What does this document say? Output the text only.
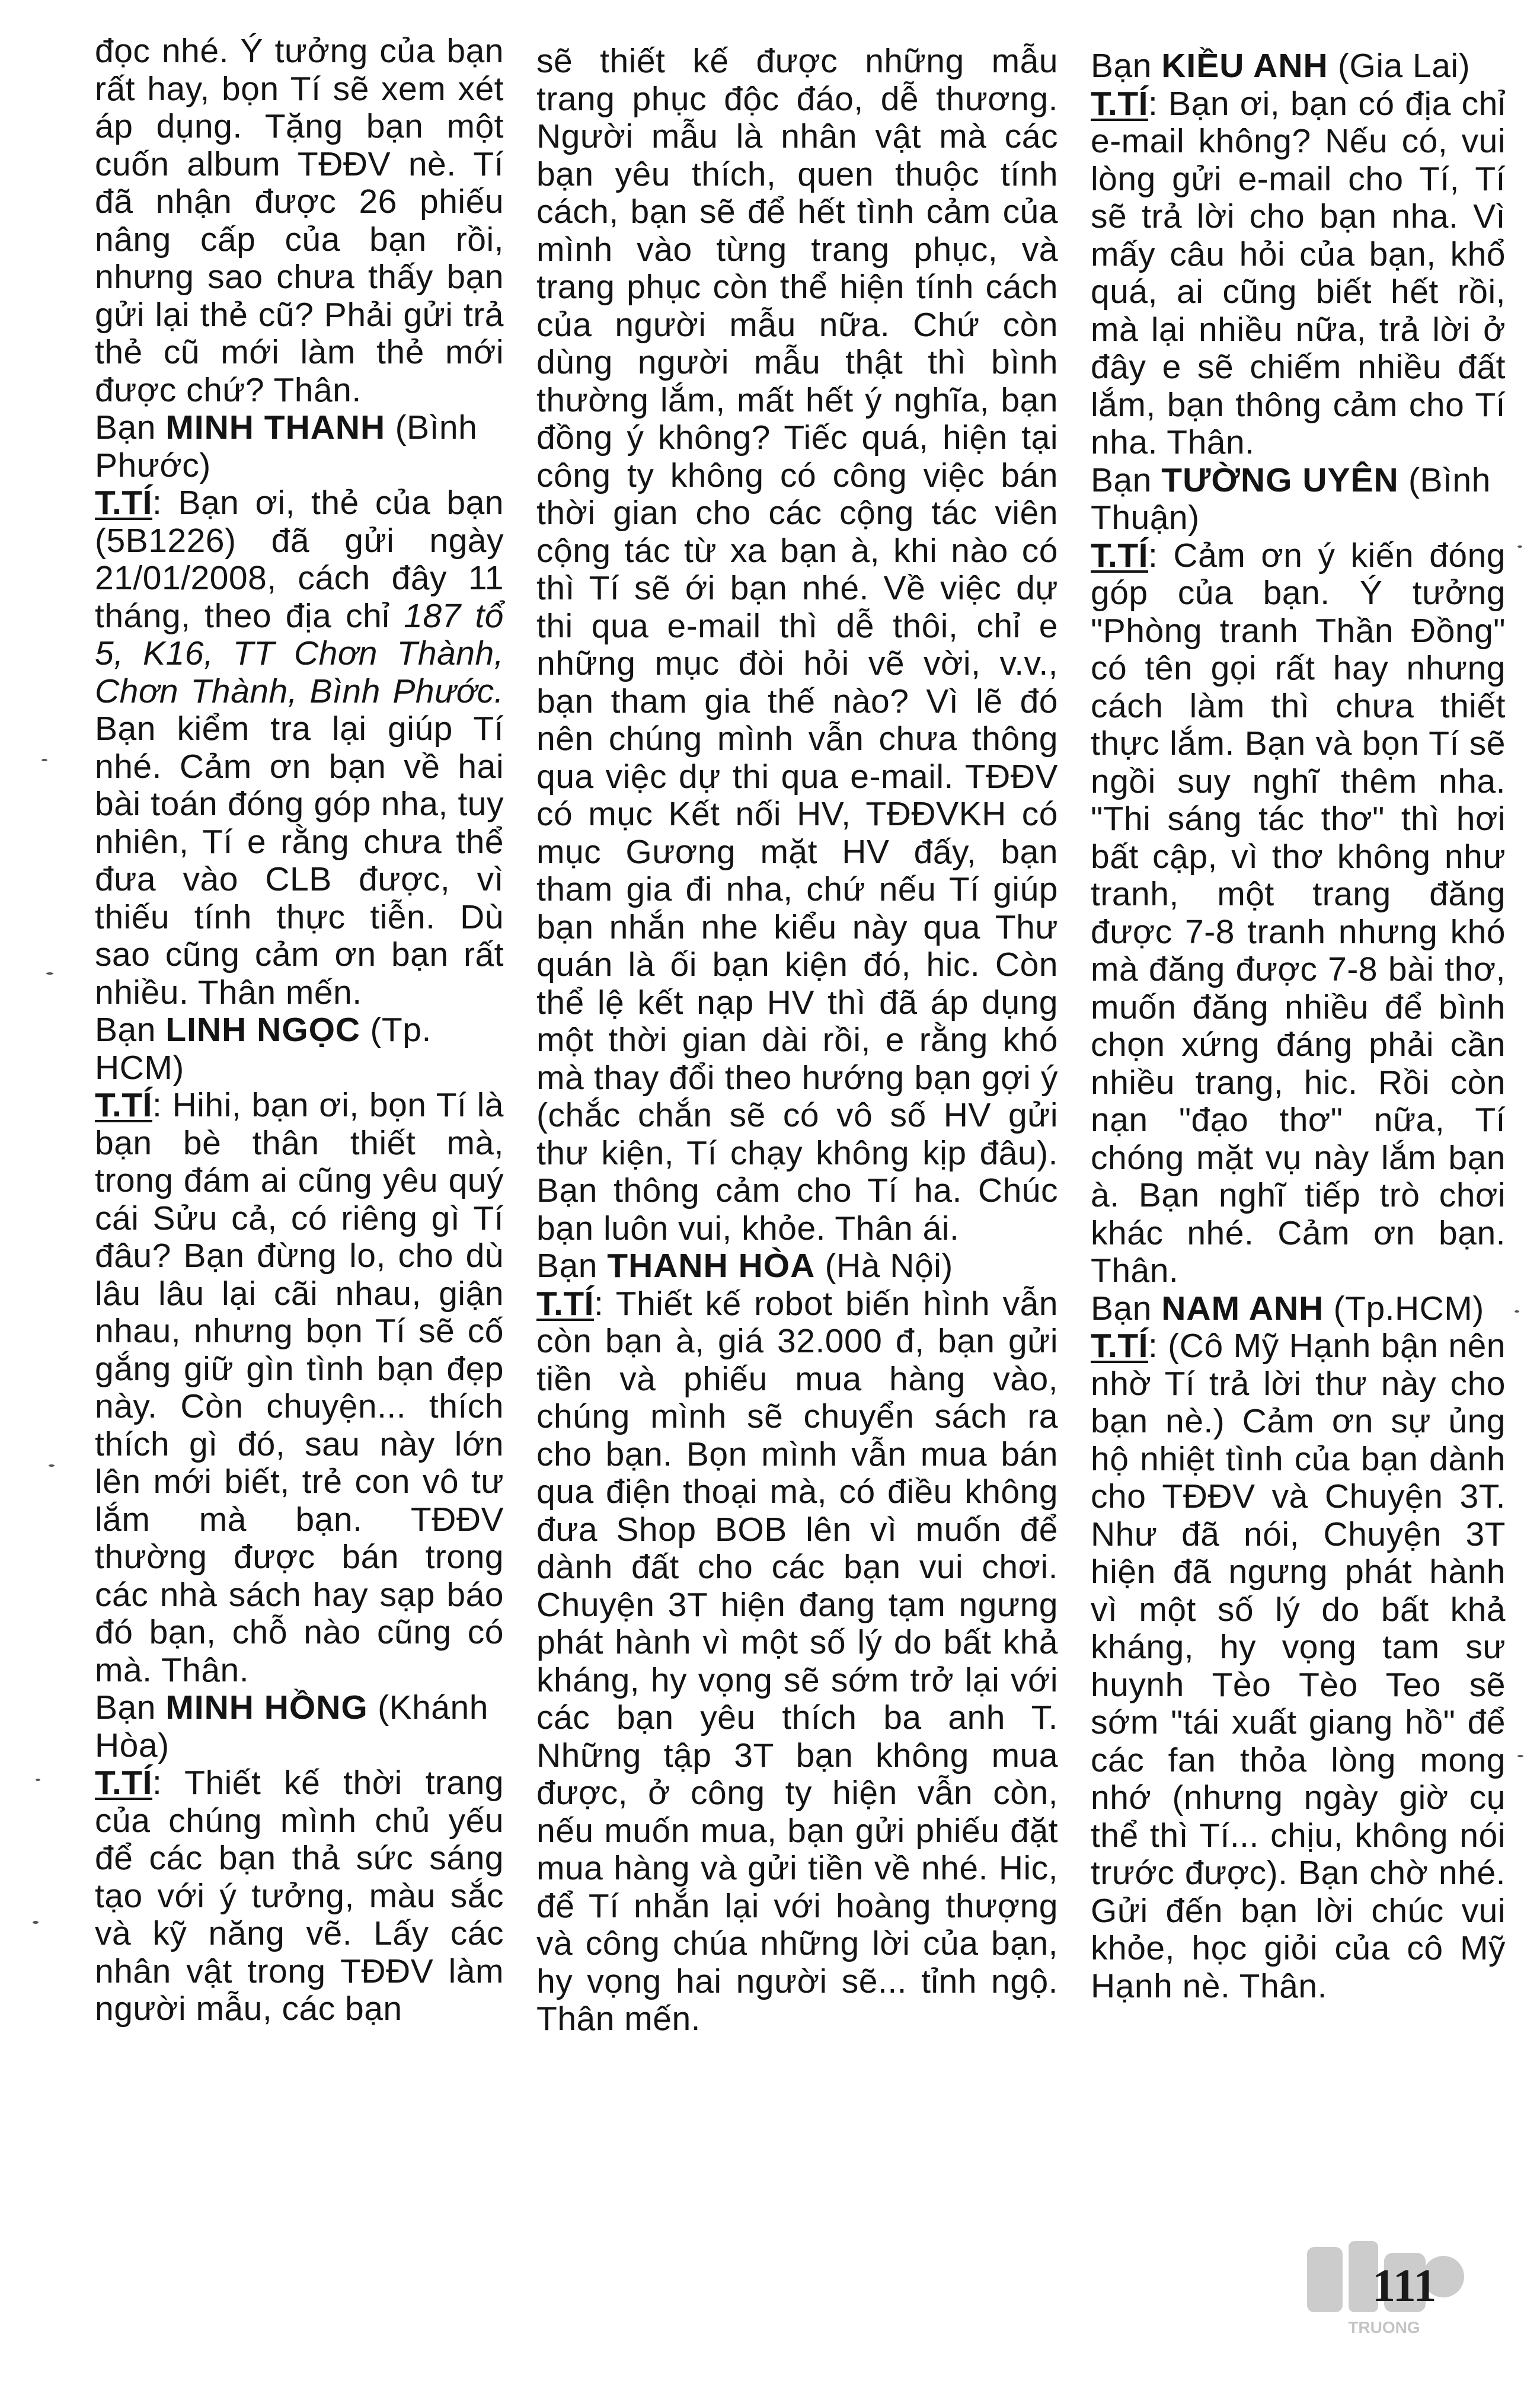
đọc nhé. Ý tưởng của bạn rất hay, bọn Tí sẽ xem xét áp dụng. Tặng bạn một cuốn album TĐĐV nè. Tí đã nhận được 26 phiếu nâng cấp của bạn rồi, nhưng sao chưa thấy bạn gửi lại thẻ cũ? Phải gửi trả thẻ cũ mới làm thẻ mới được chứ? Thân.

Bạn MINH THANH (Bình Phước)

T.TÍ: Bạn ơi, thẻ của bạn (5B1226) đã gửi ngày 21/01/2008, cách đây 11 tháng, theo địa chỉ 187 tổ 5, K16, TT Chơn Thành, Chơn Thành, Bình Phước. Bạn kiểm tra lại giúp Tí nhé. Cảm ơn bạn về hai bài toán đóng góp nha, tuy nhiên, Tí e rằng chưa thể đưa vào CLB được, vì thiếu tính thực tiễn. Dù sao cũng cảm ơn bạn rất nhiều. Thân mến.

Bạn LINH NGỌC (Tp. HCM)

T.TÍ: Hihi, bạn ơi, bọn Tí là bạn bè thân thiết mà, trong đám ai cũng yêu quý cái Sửu cả, có riêng gì Tí đâu? Bạn đừng lo, cho dù lâu lâu lại cãi nhau, giận nhau, nhưng bọn Tí sẽ cố gắng giữ gìn tình bạn đẹp này. Còn chuyện... thích thích gì đó, sau này lớn lên mới biết, trẻ con vô tư lắm mà bạn. TĐĐV thường được bán trong các nhà sách hay sạp báo đó bạn, chỗ nào cũng có mà. Thân.

Bạn MINH HỒNG (Khánh Hòa)

T.TÍ: Thiết kế thời trang của chúng mình chủ yếu để các bạn thả sức sáng tạo với ý tưởng, màu sắc và kỹ năng vẽ. Lấy các nhân vật trong TĐĐV làm người mẫu, các bạn

sẽ thiết kế được những mẫu trang phục độc đáo, dễ thương. Người mẫu là nhân vật mà các bạn yêu thích, quen thuộc tính cách, bạn sẽ để hết tình cảm của mình vào từng trang phục, và trang phục còn thể hiện tính cách của người mẫu nữa. Chứ còn dùng người mẫu thật thì bình thường lắm, mất hết ý nghĩa, bạn đồng ý không? Tiếc quá, hiện tại công ty không có công việc bán thời gian cho các cộng tác viên cộng tác từ xa bạn à, khi nào có thì Tí sẽ ới bạn nhé. Về việc dự thi qua e-mail thì dễ thôi, chỉ e những mục đòi hỏi vẽ vời, v.v., bạn tham gia thế nào? Vì lẽ đó nên chúng mình vẫn chưa thông qua việc dự thi qua e-mail. TĐĐV có mục Kết nối HV, TĐĐVKH có mục Gương mặt HV đấy, bạn tham gia đi nha, chứ nếu Tí giúp bạn nhắn nhe kiểu này qua Thư quán là ối bạn kiện đó, hic. Còn thể lệ kết nạp HV thì đã áp dụng một thời gian dài rồi, e rằng khó mà thay đổi theo hướng bạn gợi ý (chắc chắn sẽ có vô số HV gửi thư kiện, Tí chạy không kịp đâu). Bạn thông cảm cho Tí ha. Chúc bạn luôn vui, khỏe. Thân ái.

Bạn THANH HÒA (Hà Nội)

T.TÍ: Thiết kế robot biến hình vẫn còn bạn à, giá 32.000 đ, bạn gửi tiền và phiếu mua hàng vào, chúng mình sẽ chuyển sách ra cho bạn. Bọn mình vẫn mua bán qua điện thoại mà, có điều không đưa Shop BOB lên vì muốn để dành đất cho các bạn vui chơi. Chuyện 3T hiện đang tạm ngưng phát hành vì một số lý do bất khả kháng, hy vọng sẽ sớm trở lại với các bạn yêu thích ba anh T. Những tập 3T bạn không mua được, ở công ty hiện vẫn còn, nếu muốn mua, bạn gửi phiếu đặt mua hàng và gửi tiền về nhé. Hic, để Tí nhắn lại với hoàng thượng và công chúa những lời của bạn, hy vọng hai người sẽ... tỉnh ngộ. Thân mến.

Bạn KIỀU ANH (Gia Lai)

T.TÍ: Bạn ơi, bạn có địa chỉ e-mail không? Nếu có, vui lòng gửi e-mail cho Tí, Tí sẽ trả lời cho bạn nha. Vì mấy câu hỏi của bạn, khổ quá, ai cũng biết hết rồi, mà lại nhiều nữa, trả lời ở đây e sẽ chiếm nhiều đất lắm, bạn thông cảm cho Tí nha. Thân.

Bạn TƯỜNG UYÊN (Bình Thuận)

T.TÍ: Cảm ơn ý kiến đóng góp của bạn. Ý tưởng "Phòng tranh Thần Đồng" có tên gọi rất hay nhưng cách làm thì chưa thiết thực lắm. Bạn và bọn Tí sẽ ngồi suy nghĩ thêm nha. "Thi sáng tác thơ" thì hơi bất cập, vì thơ không như tranh, một trang đăng được 7-8 tranh nhưng khó mà đăng được 7-8 bài thơ, muốn đăng nhiều để bình chọn xứng đáng phải cần nhiều trang, hic. Rồi còn nạn "đạo thơ" nữa, Tí chóng mặt vụ này lắm bạn à. Bạn nghĩ tiếp trò chơi khác nhé. Cảm ơn bạn. Thân.

Bạn NAM ANH (Tp.HCM)

T.TÍ: (Cô Mỹ Hạnh bận nên nhờ Tí trả lời thư này cho bạn nè.) Cảm ơn sự ủng hộ nhiệt tình của bạn dành cho TĐĐV và Chuyện 3T. Như đã nói, Chuyện 3T hiện đã ngưng phát hành vì một số lý do bất khả kháng, hy vọng tam sư huynh Tèo Tèo Teo sẽ sớm "tái xuất giang hồ" để các fan thỏa lòng mong nhớ (nhưng ngày giờ cụ thể thì Tí... chịu, không nói trước được). Bạn chờ nhé. Gửi đến bạn lời chúc vui khỏe, học giỏi của cô Mỹ Hạnh nè. Thân.

TRUONG
111
